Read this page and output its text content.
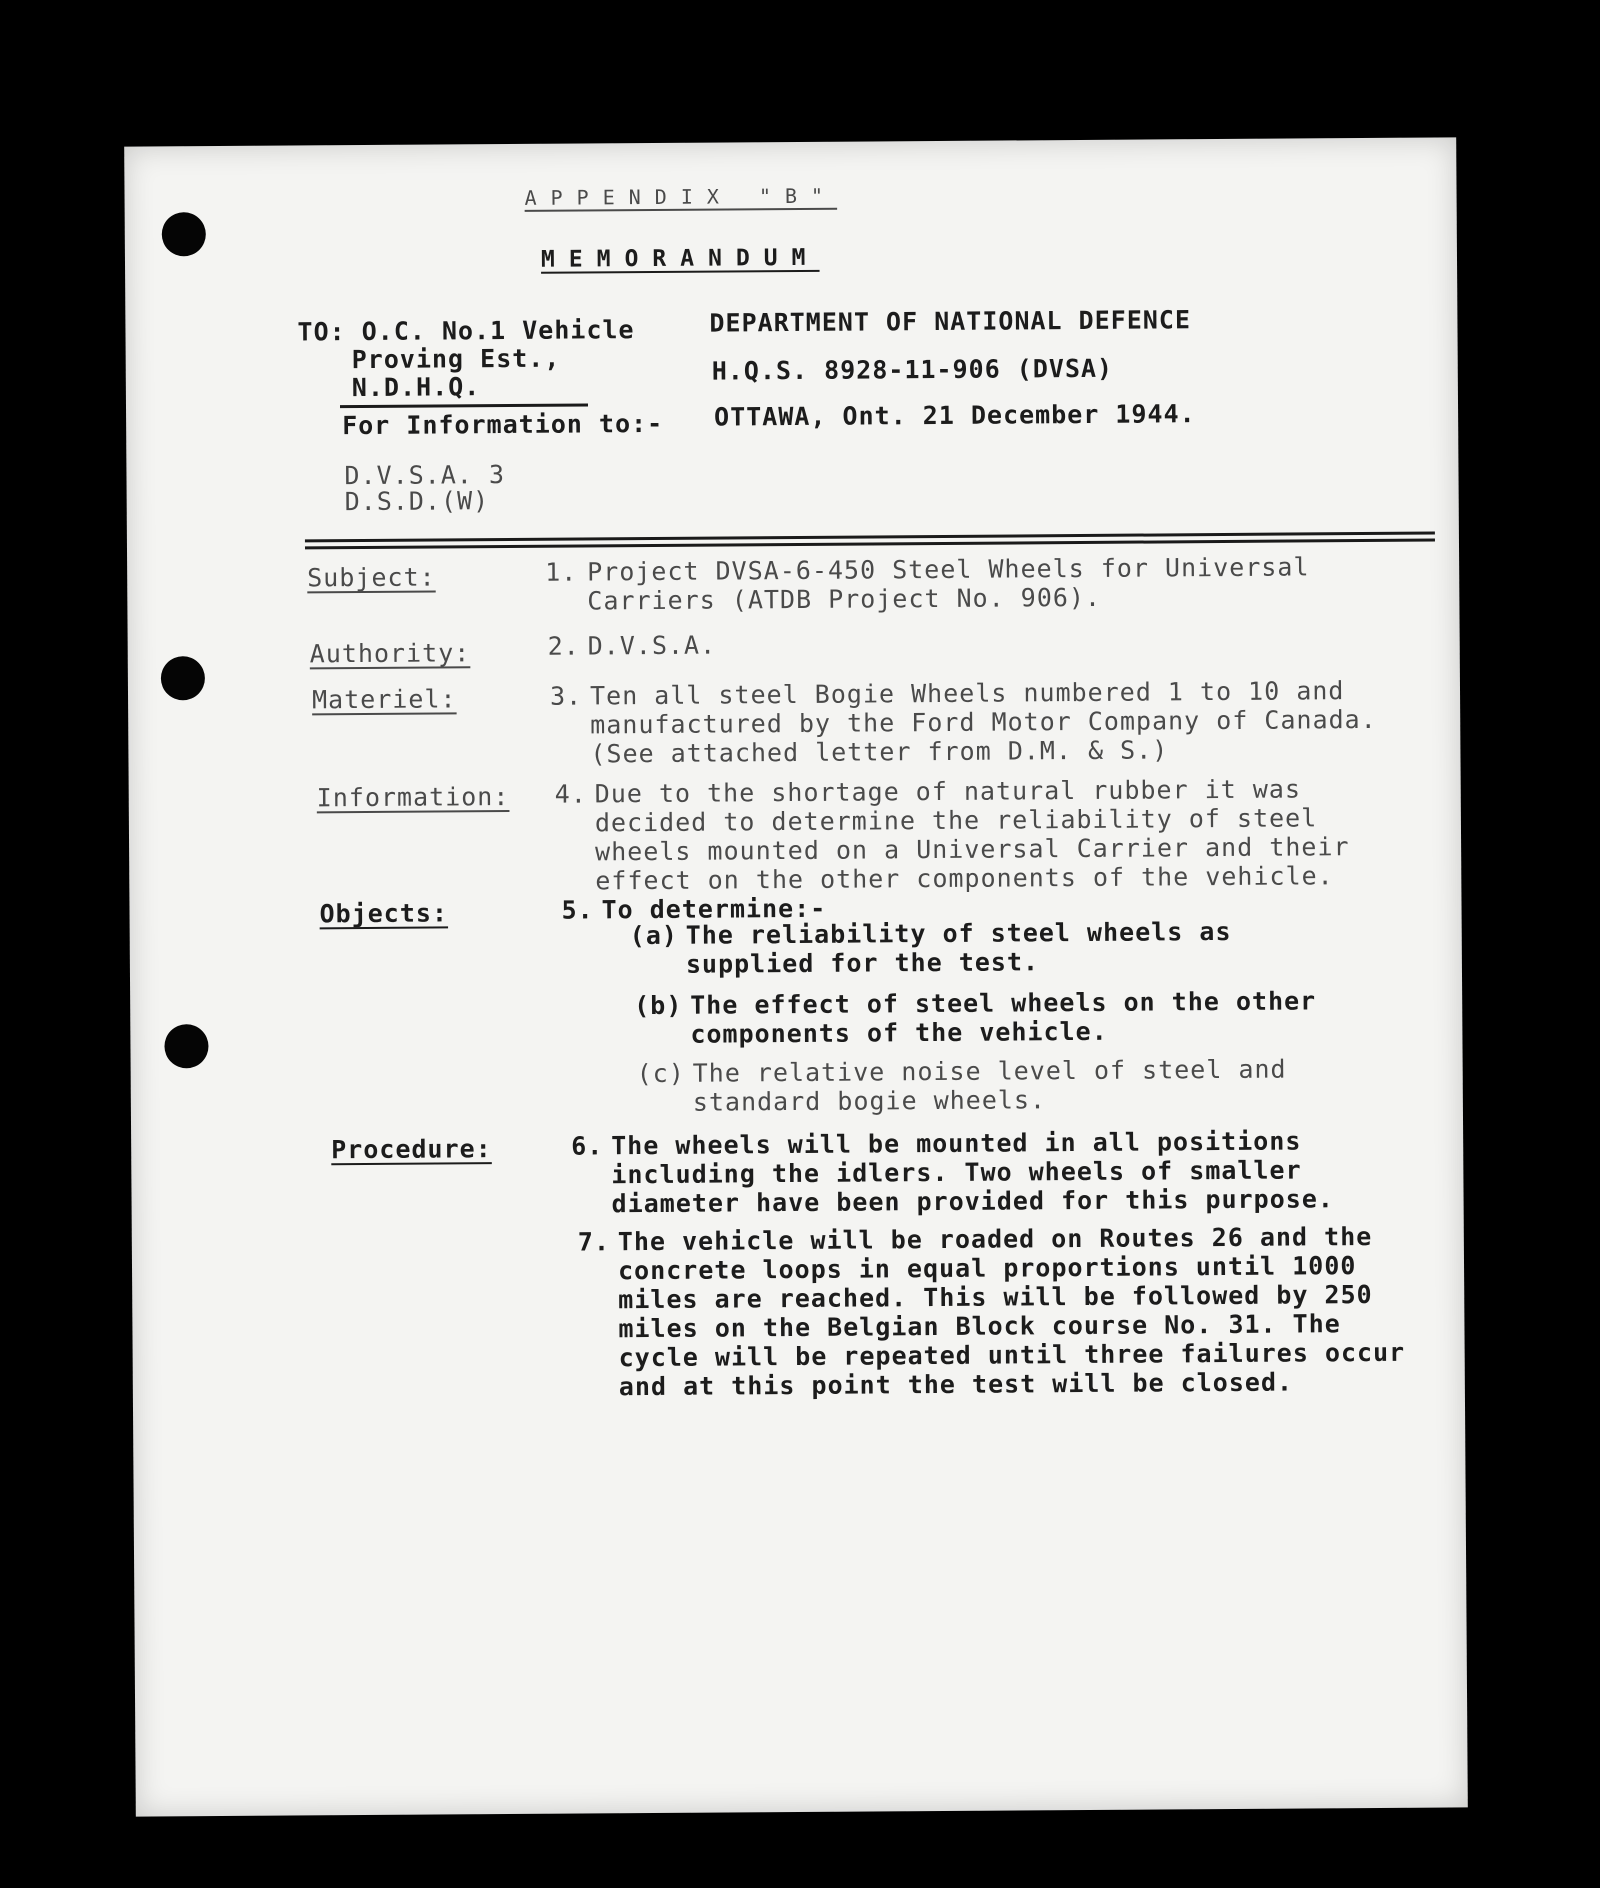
APPENDIX "B"
MEMORANDUM
TO: O.C. No.1 Vehicle
Proving Est.,
N.D.H.Q.
For Information to:-
D.V.S.A. 3
D.S.D.(W)
DEPARTMENT OF NATIONAL DEFENCE
H.Q.S. 8928-11-906 (DVSA)
OTTAWA, Ont. 21 December 1944.
Subject:	1. Project DVSA-6-450 Steel Wheels for Universal Carriers (ATDB Project No. 906).
Authority:	2. D.V.S.A.
Materiel:	3. Ten all steel Bogie Wheels numbered 1 to 10 and manufactured by the Ford Motor Company of Canada. (See attached letter from D.M. & S.)
Information: 4. Due to the shortage of natural rubber it was decided to determine the reliability of steel wheels mounted on a Universal Carrier and their effect on the other components of the vehicle.
Objects:	5. To determine:-
(a) The reliability of steel wheels as supplied for the test.
(b) The effect of steel wheels on the other components of the vehicle.
(c) The relative noise level of steel and standard bogie wheels.
Procedure:	6. The wheels will be mounted in all positions including the idlers. Two wheels of smaller diameter have been provided for this purpose.
7. The vehicle will be roaded on Routes 26 and the concrete loops in equal proportions until 1000 miles are reached. This will be followed by 250 miles on the Belgian Block course No. 31. The cycle will be repeated until three failures occur and at this point the test will be closed.
